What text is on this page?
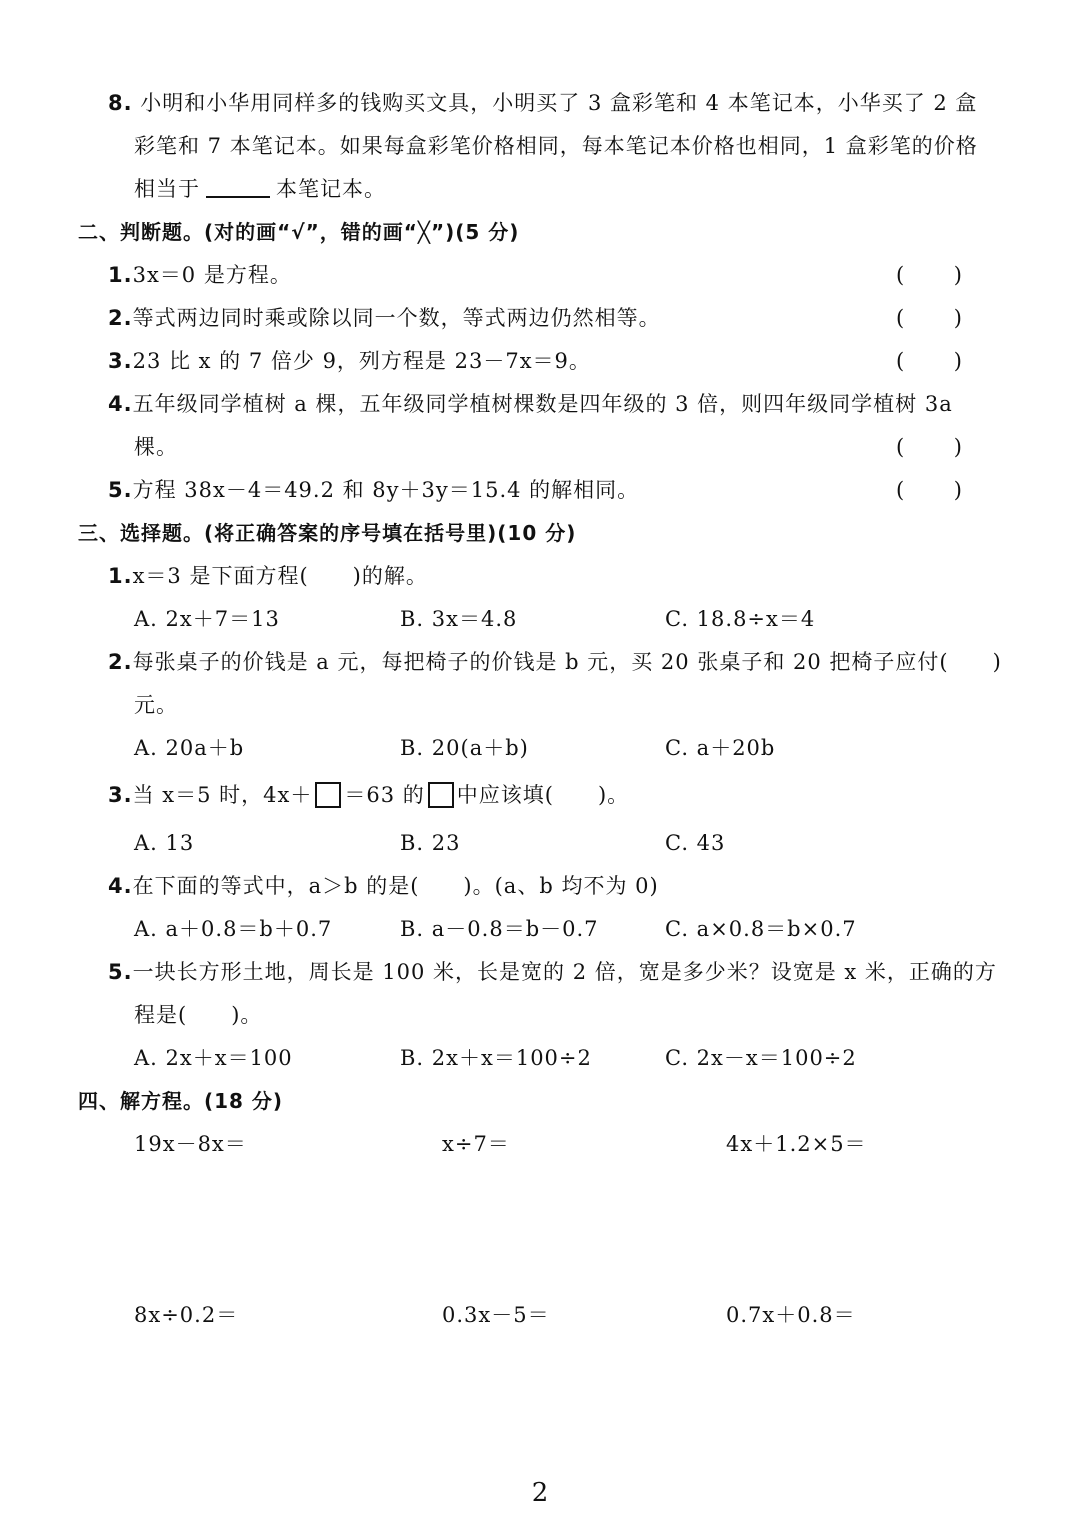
8. 小明和小华用同样多的钱购买文具，小明买了 3 盒彩笔和 4 本笔记本，小华买了 2 盒
彩笔和 7 本笔记本。如果每盒彩笔价格相同，每本笔记本价格也相同，1 盒彩笔的价格
相当于	本笔记本。
二、判断题。(对的画“√”，错的画“╳”)(5 分)
1.3x＝0 是方程。	( )
2.等式两边同时乘或除以同一个数，等式两边仍然相等。	( )
3.23 比 x 的 7 倍少 9，列方程是 23－7x＝9。	( )
4.五年级同学植树 a 棵，五年级同学植树棵数是四年级的 3 倍，则四年级同学植树 3a
棵。	( )
5.方程 38x－4＝49.2 和 8y＋3y＝15.4 的解相同。	( )
三、选择题。(将正确答案的序号填在括号里)(10 分)
1.x＝3 是下面方程(　　)的解。
A. 2x＋7＝13	B. 3x＝4.8	C. 18.8÷x＝4
2.每张桌子的价钱是 a 元，每把椅子的价钱是 b 元，买 20 张桌子和 20 把椅子应付(　　)
元。
A. 20a＋b	B. 20(a＋b)	C. a＋20b
3.当 x＝5 时，4x＋ ＝63 的 中应该填(　　)。
A. 13	B. 23	C. 43
4.在下面的等式中，a＞b 的是(　　)。(a、b 均不为 0)
A. a＋0.8＝b＋0.7	B. a－0.8＝b－0.7	C. a×0.8＝b×0.7
5.一块长方形土地，周长是 100 米，长是宽的 2 倍，宽是多少米？设宽是 x 米，正确的方
程是(　　)。
A. 2x＋x＝100	B. 2x＋x＝100÷2	C. 2x－x＝100÷2
四、解方程。(18 分)
19x－8x＝	x÷7＝	4x＋1.2×5＝
8x÷0.2＝	0.3x－5＝	0.7x＋0.8＝
2
